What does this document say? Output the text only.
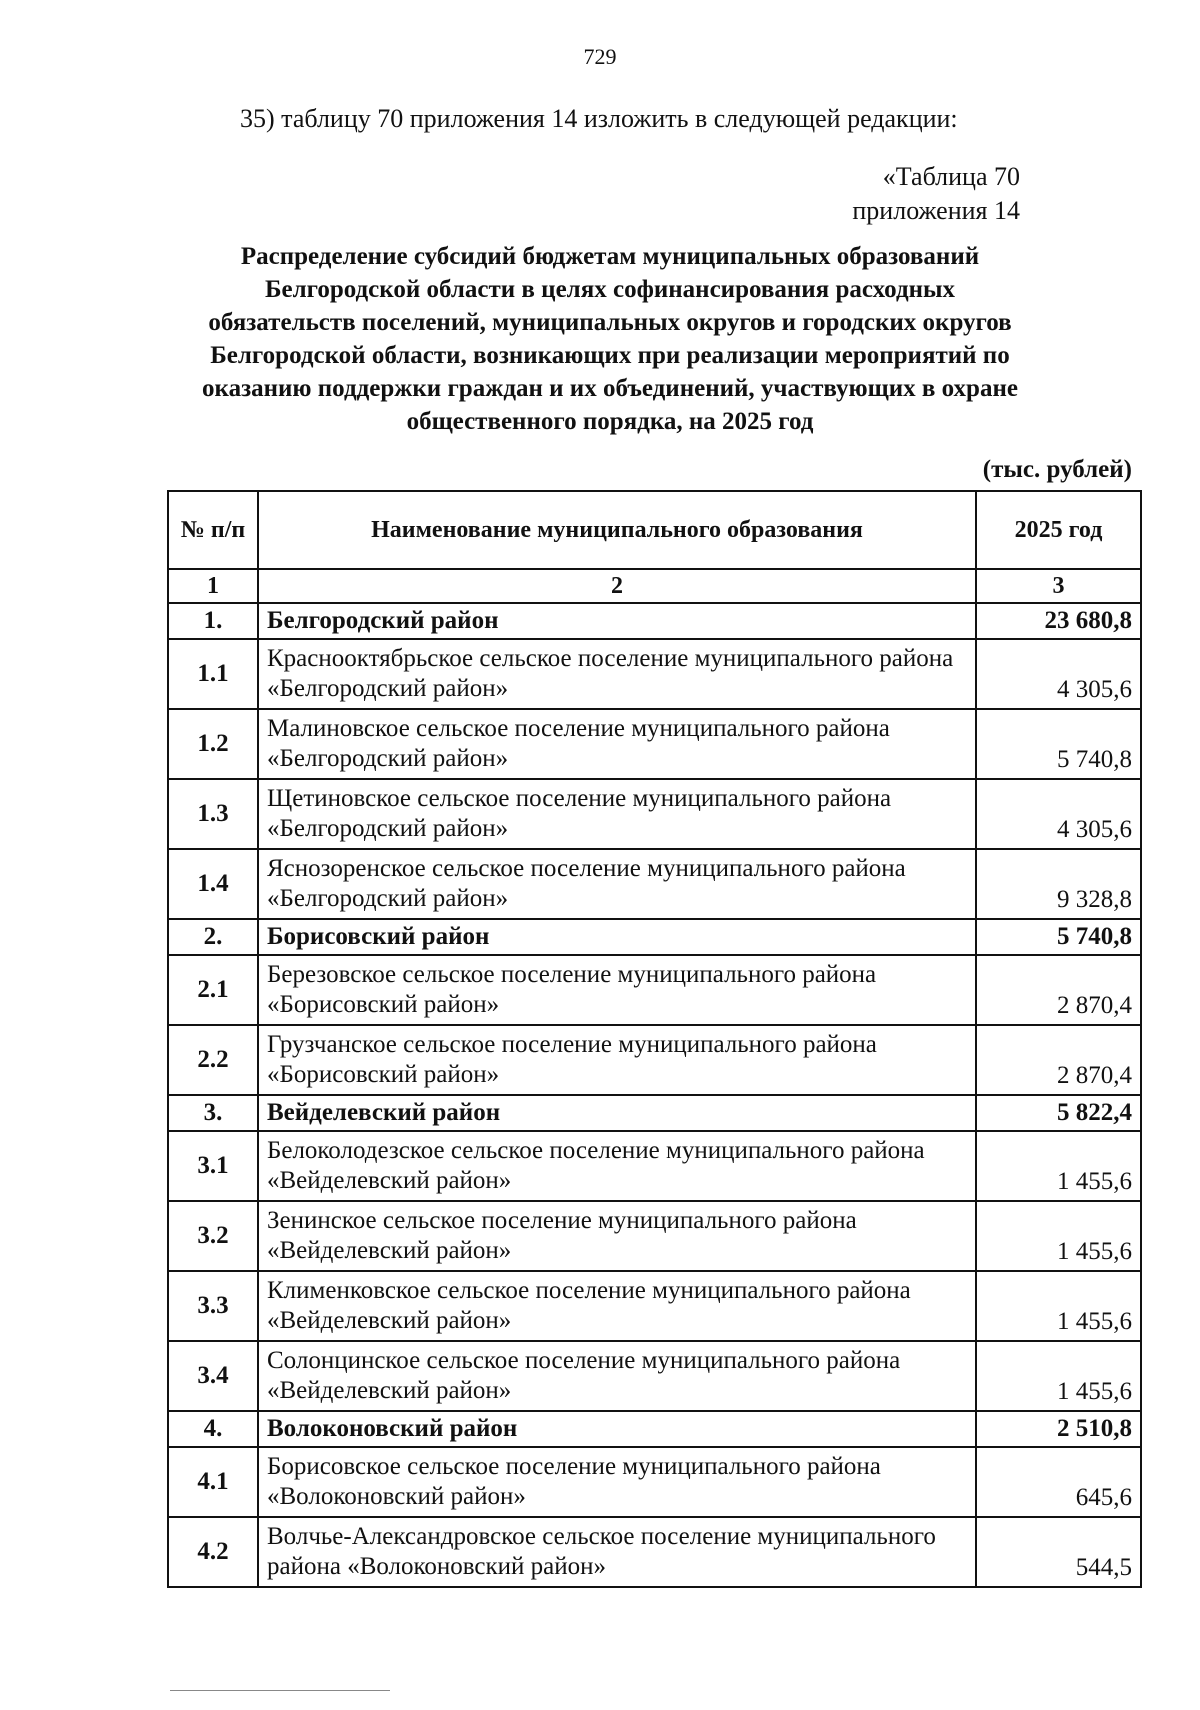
729
35) таблицу 70 приложения 14 изложить в следующей редакции:
«Таблица 70
приложения 14
Распределение субсидий бюджетам муниципальных образований Белгородской области в целях софинансирования расходных обязательств поселений, муниципальных округов и городских округов Белгородской области, возникающих при реализации мероприятий по оказанию поддержки граждан и их объединений, участвующих в охране общественного порядка, на 2025 год
(тыс. рублей)
№ п/п	Наименование муниципального образования	2025 год
1	2	3
1.	Белгородский район	23 680,8
1.1	Краснооктябрьское сельское поселение муниципального района «Белгородский район»	4 305,6
1.2	Малиновское сельское поселение муниципального района «Белгородский район»	5 740,8
1.3	Щетиновское сельское поселение муниципального района «Белгородский район»	4 305,6
1.4	Яснозоренское сельское поселение муниципального района «Белгородский район»	9 328,8
2.	Борисовский район	5 740,8
2.1	Березовское сельское поселение муниципального района «Борисовский район»	2 870,4
2.2	Грузчанское сельское поселение муниципального района «Борисовский район»	2 870,4
3.	Вейделевский район	5 822,4
3.1	Белоколодезское сельское поселение муниципального района «Вейделевский район»	1 455,6
3.2	Зенинское сельское поселение муниципального района «Вейделевский район»	1 455,6
3.3	Клименковское сельское поселение муниципального района «Вейделевский район»	1 455,6
3.4	Солонцинское сельское поселение муниципального района «Вейделевский район»	1 455,6
4.	Волоконовский район	2 510,8
4.1	Борисовское сельское поселение муниципального района «Волоконовский район»	645,6
4.2	Волчье-Александровское сельское поселение муниципального района «Волоконовский район»	544,5
